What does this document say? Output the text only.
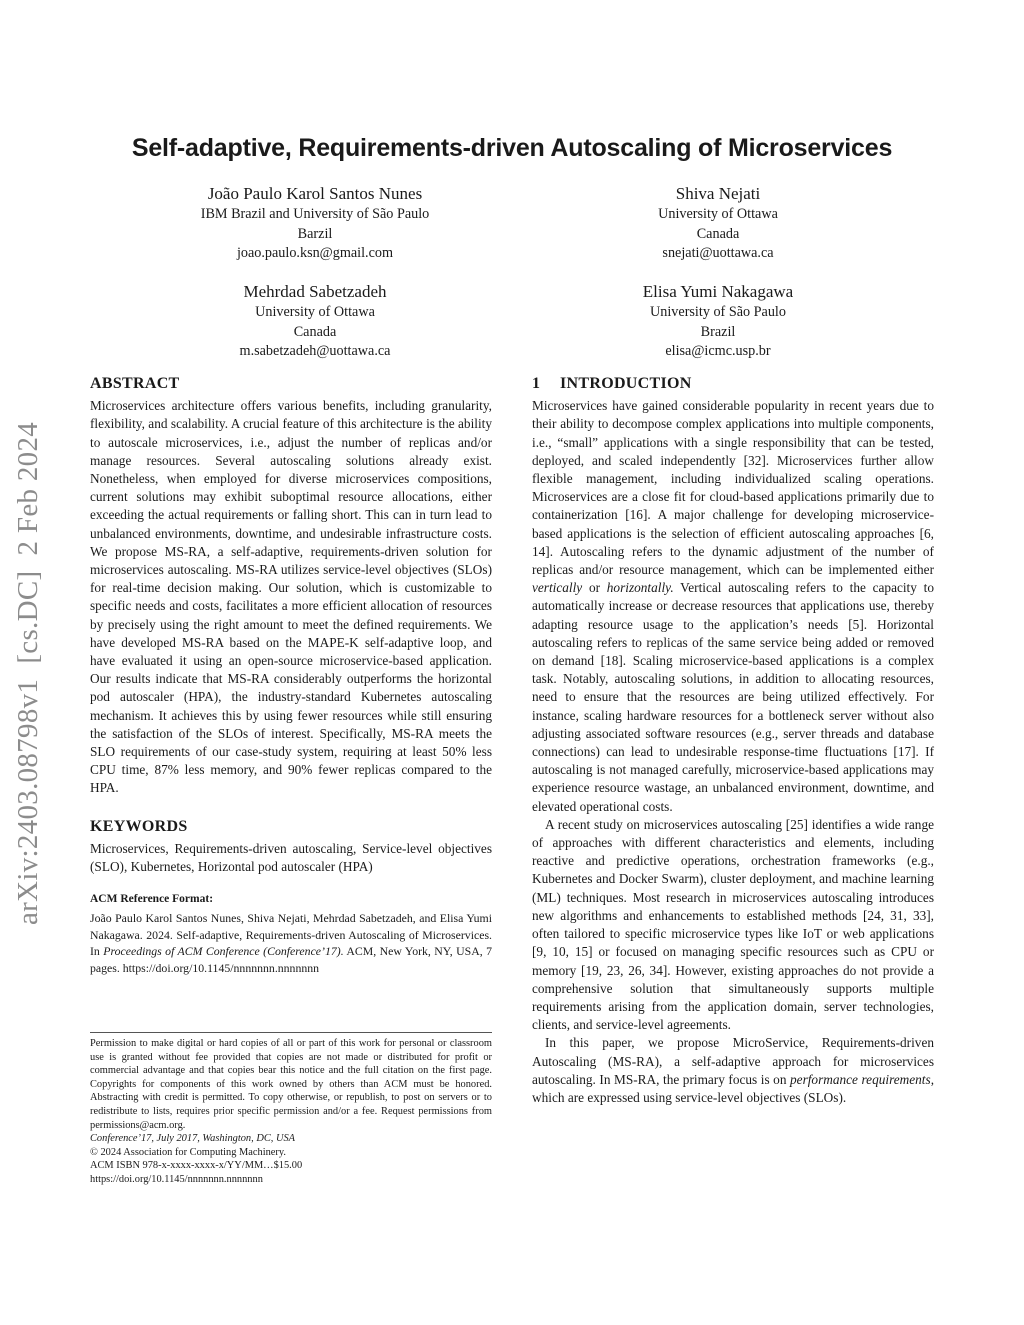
arXiv:2403.08798v1  [cs.DC]  2 Feb 2024
Self-adaptive, Requirements-driven Autoscaling of Microservices
João Paulo Karol Santos Nunes
IBM Brazil and University of São Paulo
Barzil
joao.paulo.ksn@gmail.com
Shiva Nejati
University of Ottawa
Canada
snejati@uottawa.ca
Mehrdad Sabetzadeh
University of Ottawa
Canada
m.sabetzadeh@uottawa.ca
Elisa Yumi Nakagawa
University of São Paulo
Brazil
elisa@icmc.usp.br
ABSTRACT

Microservices architecture offers various benefits, including granularity, flexibility, and scalability. A crucial feature of this architecture is the ability to autoscale microservices, i.e., adjust the number of replicas and/or manage resources. Several autoscaling solutions already exist. Nonetheless, when employed for diverse microservices compositions, current solutions may exhibit suboptimal resource allocations, either exceeding the actual requirements or falling short. This can in turn lead to unbalanced environments, downtime, and undesirable infrastructure costs. We propose MS-RA, a self-adaptive, requirements-driven solution for microservices autoscaling. MS-RA utilizes service-level objectives (SLOs) for real-time decision making. Our solution, which is customizable to specific needs and costs, facilitates a more efficient allocation of resources by precisely using the right amount to meet the defined requirements. We have developed MS-RA based on the MAPE-K self-adaptive loop, and have evaluated it using an open-source microservice-based application. Our results indicate that MS-RA considerably outperforms the horizontal pod autoscaler (HPA), the industry-standard Kubernetes autoscaling mechanism. It achieves this by using fewer resources while still ensuring the satisfaction of the SLOs of interest. Specifically, MS-RA meets the SLO requirements of our case-study system, requiring at least 50% less CPU time, 87% less memory, and 90% fewer replicas compared to the HPA.

KEYWORDS

Microservices, Requirements-driven autoscaling, Service-level objectives (SLO), Kubernetes, Horizontal pod autoscaler (HPA)

ACM Reference Format:
João Paulo Karol Santos Nunes, Shiva Nejati, Mehrdad Sabetzadeh, and Elisa Yumi Nakagawa. 2024. Self-adaptive, Requirements-driven Autoscaling of Microservices. In Proceedings of ACM Conference (Conference’17). ACM, New York, NY, USA, 7 pages. https://doi.org/10.1145/nnnnnnn.nnnnnnn

Permission to make digital or hard copies of all or part of this work for personal or classroom use is granted without fee provided that copies are not made or distributed for profit or commercial advantage and that copies bear this notice and the full citation on the first page. Copyrights for components of this work owned by others than ACM must be honored. Abstracting with credit is permitted. To copy otherwise, or republish, to post on servers or to redistribute to lists, requires prior specific permission and/or a fee. Request permissions from permissions@acm.org.

Conference’17, July 2017, Washington, DC, USA

© 2024 Association for Computing Machinery.

ACM ISBN 978-x-xxxx-xxxx-x/YY/MM…$15.00

https://doi.org/10.1145/nnnnnnn.nnnnnnn

1 INTRODUCTION

Microservices have gained considerable popularity in recent years due to their ability to decompose complex applications into multiple components, i.e., “small” applications with a single responsibility that can be tested, deployed, and scaled independently [32]. Microservices further allow flexible management, including individualized scaling operations. Microservices are a close fit for cloud-based applications primarily due to containerization [16]. A major challenge for developing microservice-based applications is the selection of efficient autoscaling approaches [6, 14]. Autoscaling refers to the dynamic adjustment of the number of replicas and/or resource management, which can be implemented either vertically or horizontally. Vertical autoscaling refers to the capacity to automatically increase or decrease resources that applications use, thereby adapting resource usage to the application’s needs [5]. Horizontal autoscaling refers to replicas of the same service being added or removed on demand [18]. Scaling microservice-based applications is a complex task. Notably, autoscaling solutions, in addition to allocating resources, need to ensure that the resources are being utilized effectively. For instance, scaling hardware resources for a bottleneck server without also adjusting associated software resources (e.g., server threads and database connections) can lead to undesirable response-time fluctuations [17]. If autoscaling is not managed carefully, microservice-based applications may experience resource wastage, an unbalanced environment, downtime, and elevated operational costs.

A recent study on microservices autoscaling [25] identifies a wide range of approaches with different characteristics and elements, including reactive and predictive operations, orchestration frameworks (e.g., Kubernetes and Docker Swarm), cluster deployment, and machine learning (ML) techniques. Most research in microservices autoscaling introduces new algorithms and enhancements to established methods [24, 31, 33], often tailored to specific microservice types like IoT or web applications [9, 10, 15] or focused on managing specific resources such as CPU or memory [19, 23, 26, 34]. However, existing approaches do not provide a comprehensive solution that simultaneously supports multiple requirements arising from the application domain, server technologies, clients, and service-level agreements.

In this paper, we propose MicroService, Requirements-driven Autoscaling (MS-RA), a self-adaptive approach for microservices autoscaling. In MS-RA, the primary focus is on performance requirements, which are expressed using service-level objectives (SLOs).
